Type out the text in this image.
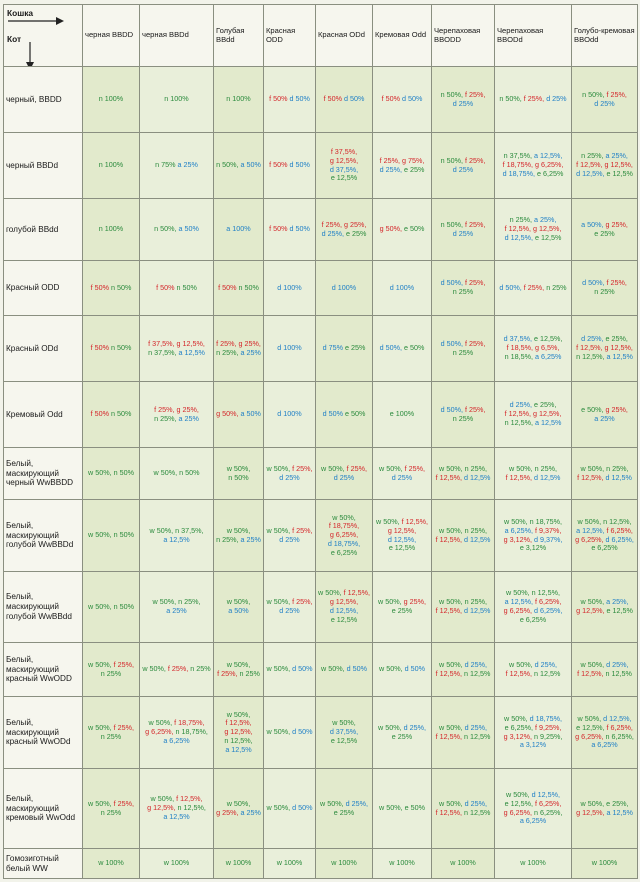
Кошка
Кот	черная BBDD	черная BBDd	Голубая BBdd	Красная ODD	Красная ODd	Кремовая Odd	Черепаховая BBODD	Черепаховая BBODd	Голубо-кремовая BBOdd
черный, BBDD	n 100%	n 100%	n 100%	f 50% d 50%	f 50% d 50%	f 50% d 50%	n 50%, f 25%, d 25%	n 50%, f 25%, d 25%	n 50%, f 25%, d 25%
черный BBDd	n 100%	n 75% a 25%	n 50%, a 50%	f 50% d 50%	f 37,5%, g 12,5%, d 37,5%, e 12,5%	f 25%, g 75%, d 25%, e 25%	n 50%, f 25%, d 25%	n 37,5%, a 12,5%, f 18,75%, g 6,25%, d 18,75%, e 6,25%	n 25%, a 25%, f 12,5%, g 12,5%, d 12,5%, e 12,5%
голубой BBdd	n 100%	n 50%, a 50%	a 100%	f 50% d 50%	f 25%, g 25%, d 25%, e 25%	g 50%, e 50%	n 50%, f 25%, d 25%	n 25%, a 25%, f 12,5%, g 12,5%, d 12,5%, e 12,5%	a 50%, g 25%, e 25%
Красный ODD	f 50% n 50%	f 50% n 50%	f 50% n 50%	d 100%	d 100%	d 100%	d 50%, f 25%, n 25%	d 50%, f 25%, n 25%	d 50%, f 25%, n 25%
Красный ODd	f 50% n 50%	f 37,5%, g 12,5%, n 37,5%, a 12,5%	f 25%, g 25%, n 25%, a 25%	d 100%	d 75% e 25%	d 50%, e 50%	d 50%, f 25%, n 25%	d 37,5%, e 12,5%, f 18,5%, g 6,5%, n 18,5%, a 6,25%	d 25%, e 25%, f 12,5%, g 12,5%, n 12,5%, a 12,5%
Кремовый Odd	f 50% n 50%	f 25%, g 25%, n 25%, a 25%	g 50%, a 50%	d 100%	d 50% e 50%	e 100%	d 50%, f 25%, n 25%	d 25%, e 25%, f 12,5%, g 12,5%, n 12,5%, a 12,5%	e 50%, g 25%, a 25%
Белый, маскирующий черный WwBBDD	w 50%, n 50%	w 50%, n 50%	w 50%, n 50%	w 50%, f 25%, d 25%	w 50%, f 25%, d 25%	w 50%, f 25%, d 25%	w 50%, n 25%, f 12,5%, d 12,5%	w 50%, n 25%, f 12,5%, d 12,5%	w 50%, n 25%, f 12,5%, d 12,5%
Белый, маскирующий голубой WwBBDd	w 50%, n 50%	w 50%, n 37,5%, a 12,5%	w 50%, n 25%, a 25%	w 50%, f 25%, d 25%	w 50%, f 18,75%, g 6,25%, d 18,75%, e 6,25%	w 50%, f 12,5%, g 12,5%, d 12,5%, e 12,5%	w 50%, n 25%, f 12,5%, d 12,5%	w 50%, n 18,75%, a 6,25%, f 9,37%, g 3,12%, d 9,37%, e 3,12%	w 50%, n 12,5%, a 12,5%, f 6,25%, g 6,25%, d 6,25%, e 6,25%
Белый, маскирующий голубой WwBBdd	w 50%, n 50%	w 50%, n 25%, a 25%	w 50%, a 50%	w 50%, f 25%, d 25%	w 50%, f 12,5%, g 12,5%, d 12,5%, e 12,5%	w 50%, g 25%, e 25%	w 50%, n 25%, f 12,5%, d 12,5%	w 50%, n 12,5%, a 12,5%, f 6,25%, g 6,25%, d 6,25%, e 6,25%	w 50%, a 25%, g 12,5%, e 12,5%
Белый, маскирующий красный WwODD	w 50%, f 25%, n 25%	w 50%, f 25%, n 25%	w 50%, f 25%, n 25%	w 50%, d 50%	w 50%, d 50%	w 50%, d 50%	w 50%, d 25%, f 12,5%, n 12,5%	w 50%, d 25%, f 12,5%, n 12,5%	w 50%, d 25%, f 12,5%, n 12,5%
Белый, маскирующий красный WwODd	w 50%, f 25%, n 25%	w 50%, f 18,75%, g 6,25%, n 18,75%, a 6,25%	w 50%, f 12,5%, g 12,5%, n 12,5%, a 12,5%	w 50%, d 50%	w 50%, d 37,5%, e 12,5%	w 50%, d 25%, e 25%	w 50%, d 25%, f 12,5%, n 12,5%	w 50%, d 18,75%, e 6,25%, f 9,25%, g 3,12%, n 9,25%, a 3,12%	w 50%, d 12,5%, e 12,5%, f 6,25%, g 6,25%, n 6,25%, a 6,25%
Белый, маскирующий кремовый WwOdd	w 50%, f 25%, n 25%	w 50%, f 12,5%, g 12,5%, n 12,5%, a 12,5%	w 50%, g 25%, a 25%	w 50%, d 50%	w 50%, d 25%, e 25%	w 50%, e 50%	w 50%, d 25%, f 12,5%, n 12,5%	w 50%, d 12,5%, e 12,5%, f 6,25%, g 6,25%, n 6,25%, a 6,25%	w 50%, e 25%, g 12,5%, a 12,5%
Гомозиготный белый WW	w 100%	w 100%	w 100%	w 100%	w 100%	w 100%	w 100%	w 100%	w 100%
